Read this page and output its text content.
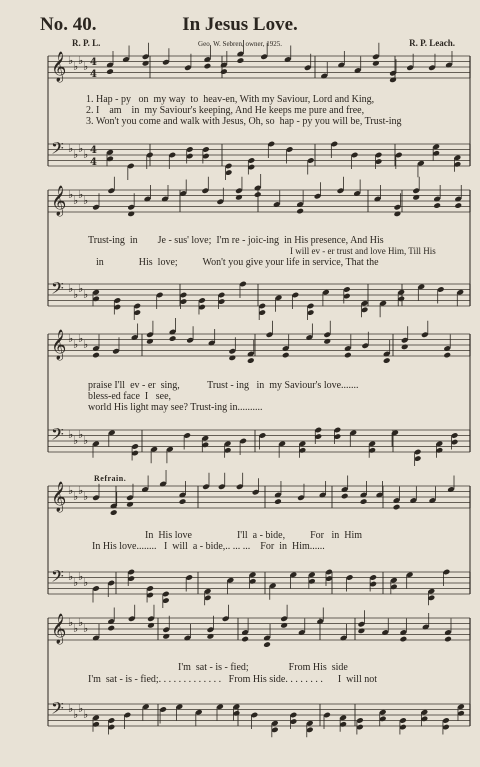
No. 40.	In Jesus Love.
R. P. L.	Geo. W. Sebren, owner, 1925.	R. P. Leach.
𝄞 ♭ ♭ ♭ ♭ 4
4
𝄢 ♭ ♭ ♭ ♭ 4
4
𝄞 ♭ ♭ ♭ ♭
𝄢 ♭ ♭ ♭ ♭
𝄞 ♭ ♭ ♭ ♭
𝄢 ♭ ♭ ♭ ♭
𝄞 ♭ ♭ ♭ ♭
𝄢 ♭ ♭ ♭ ♭
𝄞 ♭ ♭ ♭ ♭
𝄢 ♭ ♭ ♭ ♭
1. Hap - py   on  my way  to  heav-en, With my Saviour, Lord and King,
2. I    am    in  my Saviour's keeping, And He keeps me pure and free,
3. Won't you come and walk with Jesus, Oh, so  hap - py you will be, Trust-ing
Trust-ing  in        Je - sus' love;  I'm re - joic-ing  in His presence, And His
I will ev - er trust and love Him, Till His
in              His  love;          Won't you give your life in service, That the
praise I'll  ev - er  sing,           Trust - ing   in  my Saviour's love.......
bless-ed face  I   see,
world His light may see? Trust-ing in..........
Refrain.
In  His love                  I'll  a - bide,          For   in  Him
In His love........   I  will  a - bide,.. ... ...    For  in  Him......
I'm  sat - is - fied;                From His  side
I'm  sat - is - fied;. . . . . . . . . . . . .   From His side. . . . . . . .      I  will not
